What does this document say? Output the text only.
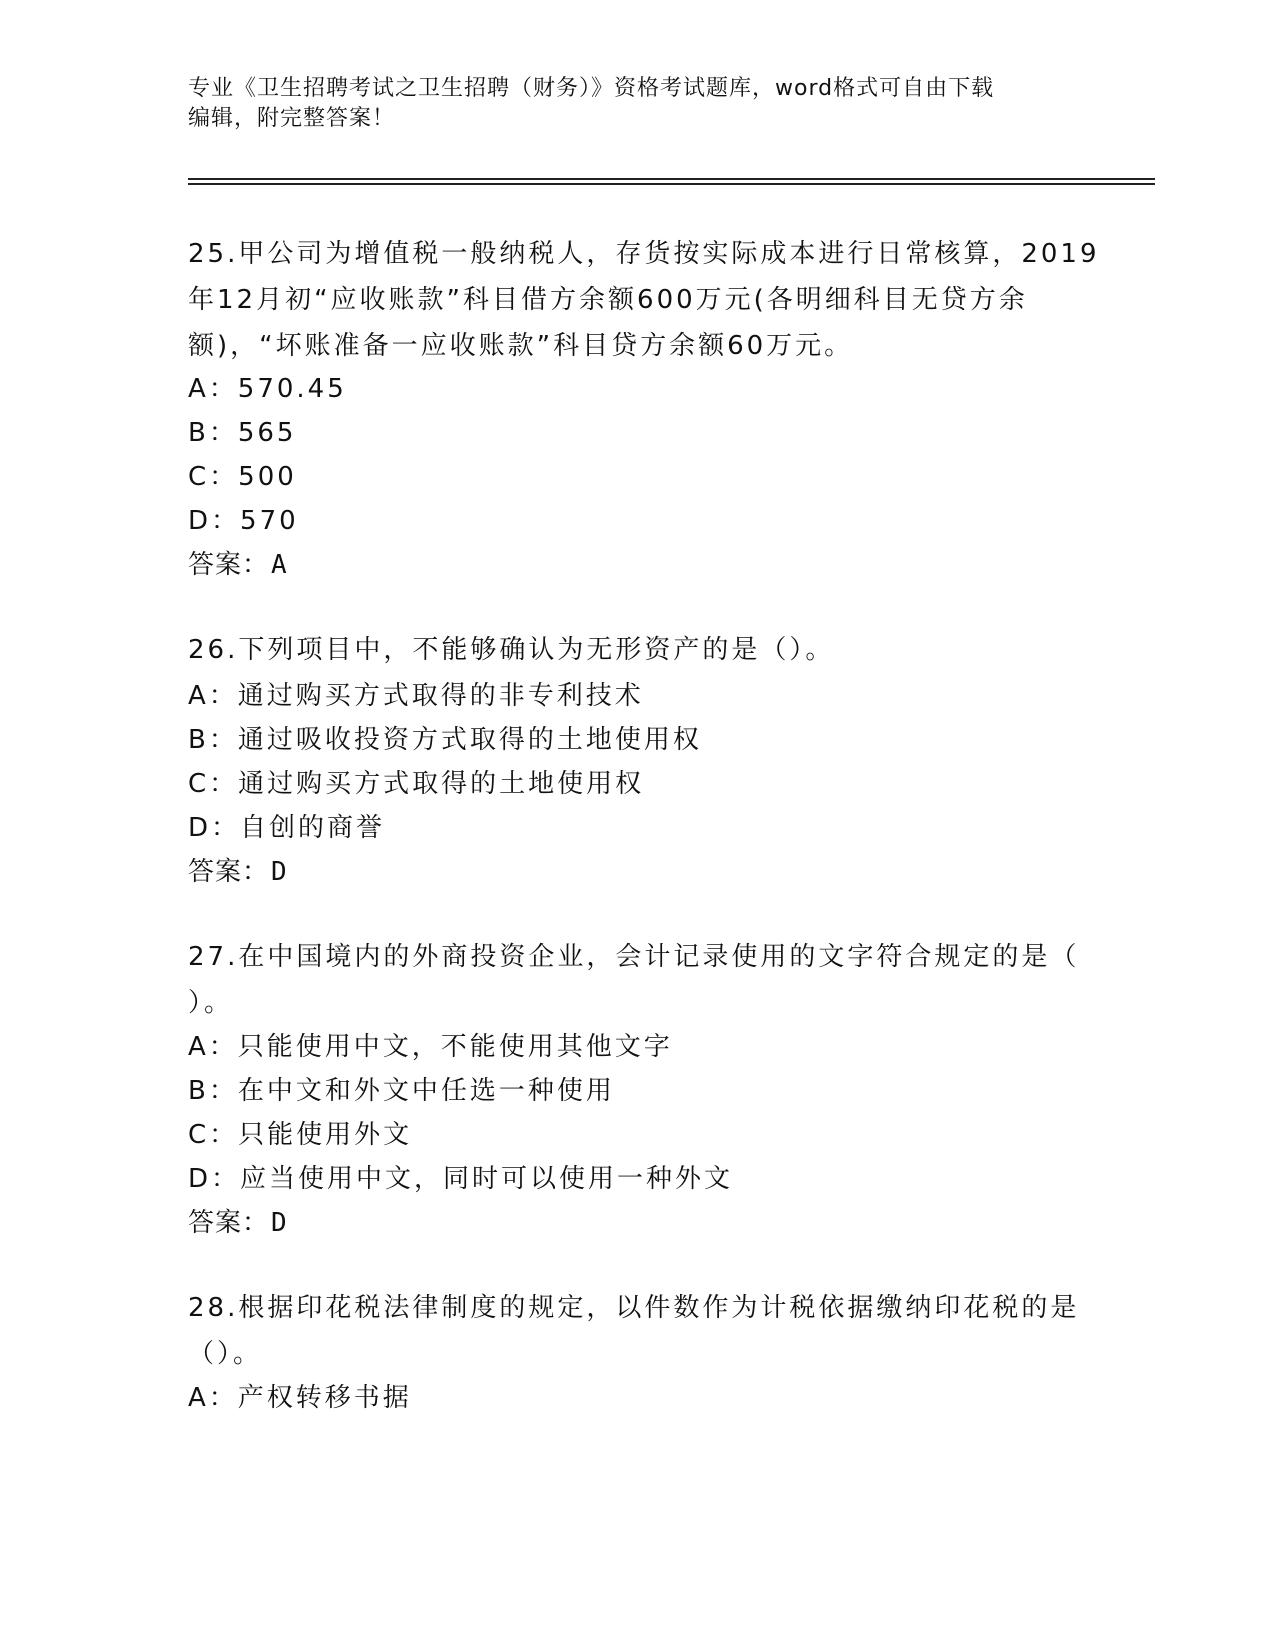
专业《卫生招聘考试之卫生招聘（财务）》资格考试题库，word格式可自由下载
编辑，附完整答案！
25.甲公司为增值税一般纳税人，存货按实际成本进行日常核算，2019
年12月初“应收账款”科目借方余额600万元(各明细科目无贷方余
额)，“坏账准备一应收账款”科目贷方余额60万元。
A：570.45
B：565
C：500
D：570
答案：A
26.下列项目中，不能够确认为无形资产的是（）。
A：通过购买方式取得的非专利技术
B：通过吸收投资方式取得的土地使用权
C：通过购买方式取得的土地使用权
D：自创的商誉
答案：D
27.在中国境内的外商投资企业，会计记录使用的文字符合规定的是（
）。
A：只能使用中文，不能使用其他文字
B：在中文和外文中任选一种使用
C：只能使用外文
D：应当使用中文，同时可以使用一种外文
答案：D
28.根据印花税法律制度的规定，以件数作为计税依据缴纳印花税的是
（）。
A：产权转移书据
